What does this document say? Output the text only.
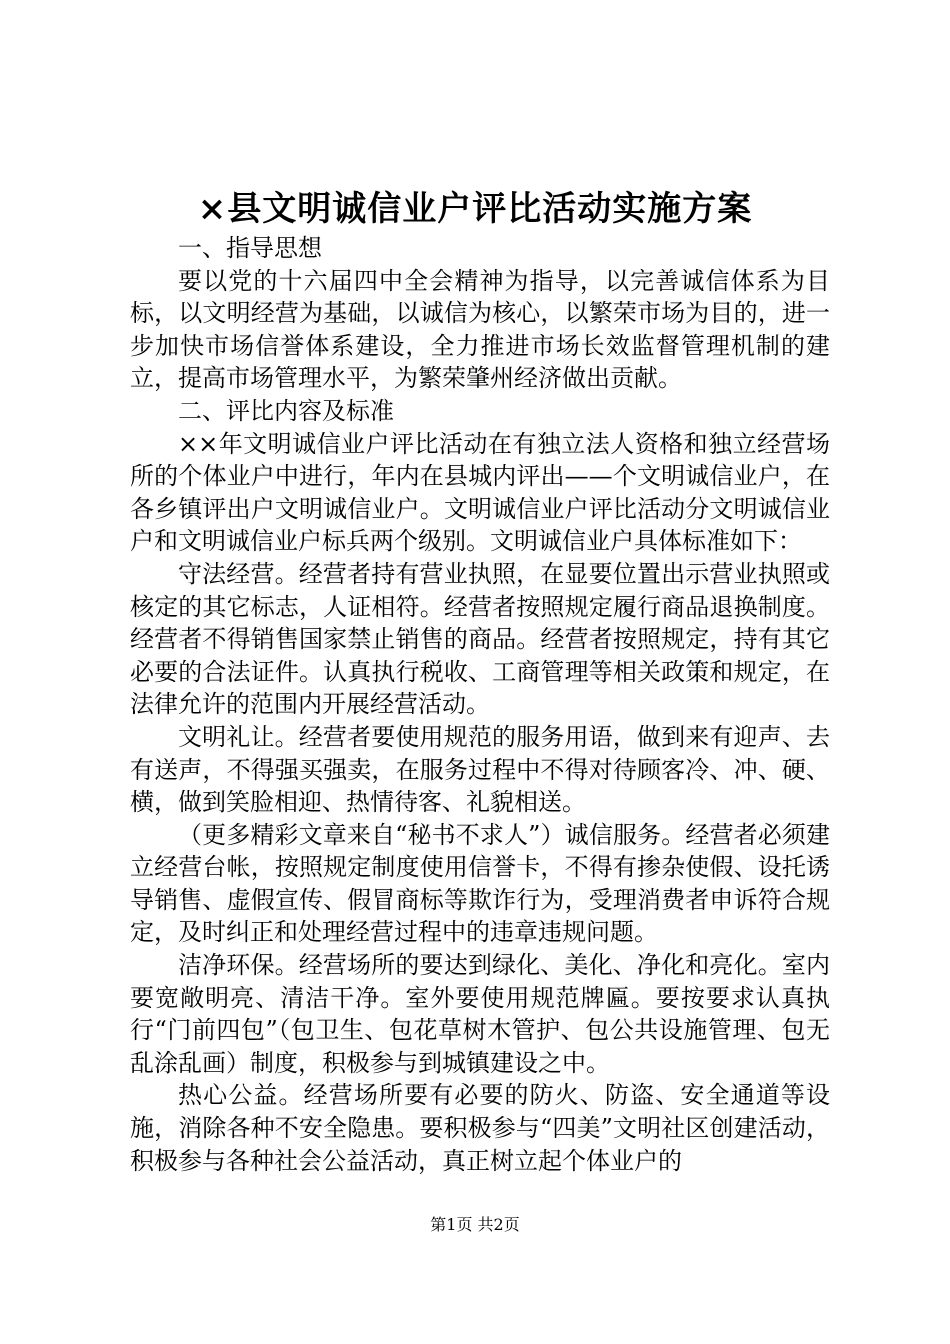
×县文明诚信业户评比活动实施方案

一、指导思想

要以党的十六届四中全会精神为指导，以完善诚信体系为目标，以文明经营为基础，以诚信为核心，以繁荣市场为目的，进一步加快市场信誉体系建设，全力推进市场长效监督管理机制的建立，提高市场管理水平，为繁荣肇州经济做出贡献。

二、评比内容及标准

××年文明诚信业户评比活动在有独立法人资格和独立经营场所的个体业户中进行，年内在县城内评出——个文明诚信业户，在各乡镇评出户文明诚信业户。文明诚信业户评比活动分文明诚信业户和文明诚信业户标兵两个级别。文明诚信业户具体标准如下：

守法经营。经营者持有营业执照，在显要位置出示营业执照或核定的其它标志，人证相符。经营者按照规定履行商品退换制度。经营者不得销售国家禁止销售的商品。经营者按照规定，持有其它必要的合法证件。认真执行税收、工商管理等相关政策和规定，在法律允许的范围内开展经营活动。

文明礼让。经营者要使用规范的服务用语，做到来有迎声、去有送声，不得强买强卖，在服务过程中不得对待顾客冷、冲、硬、横，做到笑脸相迎、热情待客、礼貌相送。

（更多精彩文章来自“秘书不求人”）诚信服务。经营者必须建立经营台帐，按照规定制度使用信誉卡，不得有掺杂使假、设托诱导销售、虚假宣传、假冒商标等欺诈行为，受理消费者申诉符合规定，及时纠正和处理经营过程中的违章违规问题。

洁净环保。经营场所的要达到绿化、美化、净化和亮化。室内要宽敞明亮、清洁干净。室外要使用规范牌匾。要按要求认真执行“门前四包”（包卫生、包花草树木管护、包公共设施管理、包无乱涂乱画）制度，积极参与到城镇建设之中。

热心公益。经营场所要有必要的防火、防盗、安全通道等设施，消除各种不安全隐患。要积极参与“四美”文明社区创建活动，积极参与各种社会公益活动，真正树立起个体业户的

第1页 共2页
